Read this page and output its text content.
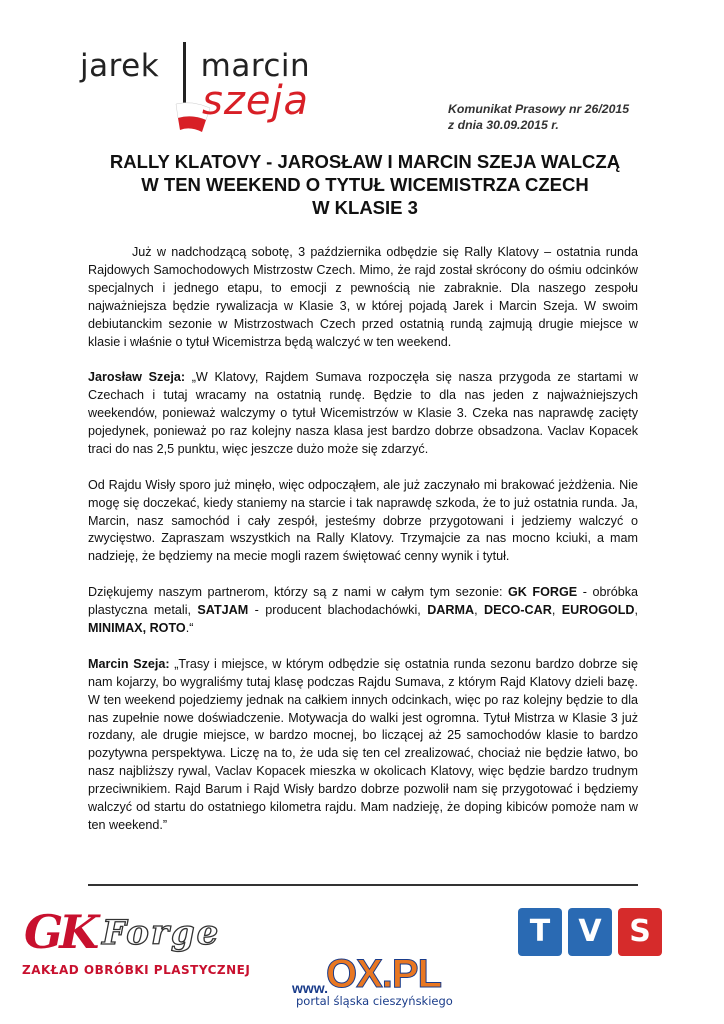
jarek marcin
szeja	Komunikat Prasowy nr 26/2015
z dnia 30.09.2015 r.
RALLY KLATOVY - JAROSŁAW I MARCIN SZEJA WALCZĄ
W TEN WEEKEND O TYTUŁ WICEMISTRZA CZECH
W KLASIE 3

Już w nadchodzącą sobotę, 3 października odbędzie się Rally Klatovy – ostatnia runda Rajdowych Samochodowych Mistrzostw Czech. Mimo, że rajd został skrócony do ośmiu odcinków specjalnych i jednego etapu, to emocji z pewnością nie zabraknie. Dla naszego zespołu najważniejsza będzie rywalizacja w Klasie 3, w której pojadą Jarek i Marcin Szeja. W swoim debiutanckim sezonie w Mistrzostwach Czech przed ostatnią rundą zajmują drugie miejsce w klasie i właśnie o tytuł Wicemistrza będą walczyć w ten weekend.

Jarosław Szeja: „W Klatovy, Rajdem Sumava rozpoczęła się nasza przygoda ze startami w Czechach i tutaj wracamy na ostatnią rundę. Będzie to dla nas jeden z najważniejszych weekendów, ponieważ walczymy o tytuł Wicemistrzów w Klasie 3. Czeka nas naprawdę zacięty pojedynek, ponieważ po raz kolejny nasza klasa jest bardzo dobrze obsadzona. Vaclav Kopacek traci do nas 2,5 punktu, więc jeszcze dużo może się zdarzyć.

Od Rajdu Wisły sporo już minęło, więc odpocząłem, ale już zaczynało mi brakować jeżdżenia. Nie mogę się doczekać, kiedy staniemy na starcie i tak naprawdę szkoda, że to już ostatnia runda. Ja, Marcin, nasz samochód i cały zespół, jesteśmy dobrze przygotowani i jedziemy walczyć o zwycięstwo. Zapraszam wszystkich na Rally Klatovy. Trzymajcie za nas mocno kciuki, a mam nadzieję, że będziemy na mecie mogli razem świętować cenny wynik i tytuł.

Dziękujemy naszym partnerom, którzy są z nami w całym tym sezonie: GK FORGE - obróbka plastyczna metali, SATJAM - producent blachodachówki, DARMA, DECO-CAR, EUROGOLD, MINIMAX, ROTO.“

Marcin Szeja: „Trasy i miejsce, w którym odbędzie się ostatnia runda sezonu bardzo dobrze się nam kojarzy, bo wygraliśmy tutaj klasę podczas Rajdu Sumava, z którym Rajd Klatovy dzieli bazę. W ten weekend pojedziemy jednak na całkiem innych odcinkach, więc po raz kolejny będzie to dla nas zupełnie nowe doświadczenie. Motywacja do walki jest ogromna. Tytuł Mistrza w Klasie 3 już rozdany, ale drugie miejsce, w bardzo mocnej, bo liczącej aż 25 samochodów klasie to bardzo pozytywna perspektywa. Liczę na to, że uda się ten cel zrealizować, chociaż nie będzie łatwo, bo nasz najbliższy rywal, Vaclav Kopacek mieszka w okolicach Klatovy, więc będzie bardzo trudnym przeciwnikiem. Rajd Barum i Rajd Wisły bardzo dobrze pozwolił nam się przygotować i będziemy walczyć od startu do ostatniego kilometra rajdu. Mam nadzieję, że doping kibiców pomoże nam w ten weekend.”

GK Forge
ZAKŁAD OBRÓBKI PLASTYCZNEJ
www.
OX.PL
portal śląska cieszyńskiego
T V S
